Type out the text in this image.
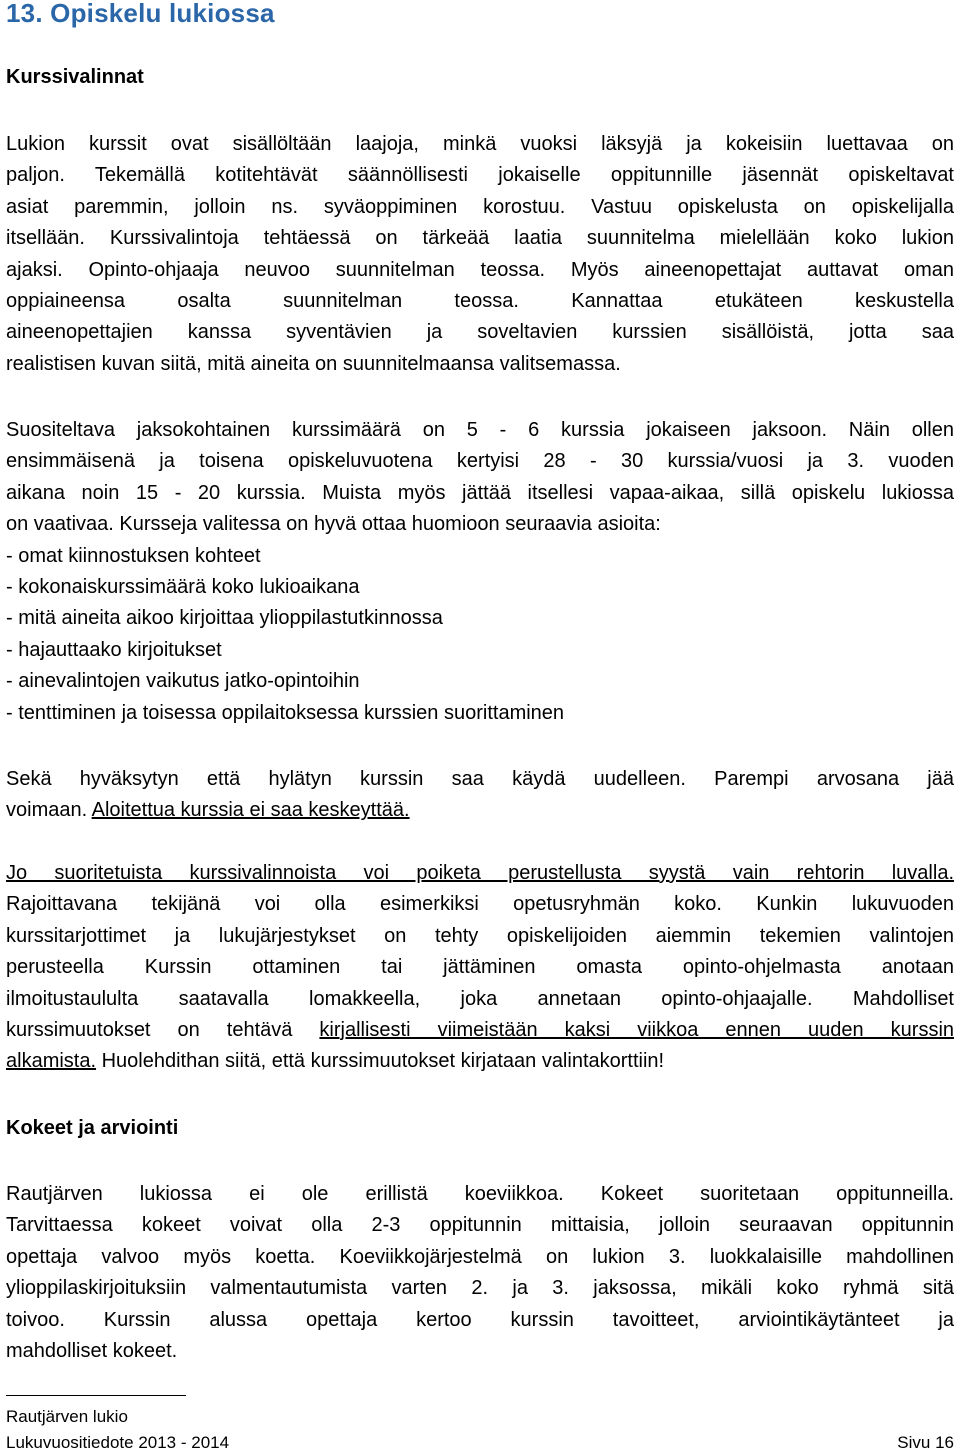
13. Opiskelu lukiossa
Kurssivalinnat
Lukion kurssit ovat sisällöltään laajoja, minkä vuoksi läksyjä ja kokeisiin luettavaa on
paljon. Tekemällä kotitehtävät säännöllisesti jokaiselle oppitunnille jäsennät opiskeltavat
asiat paremmin, jolloin ns. syväoppiminen korostuu. Vastuu opiskelusta on opiskelijalla
itsellään. Kurssivalintoja tehtäessä on tärkeää laatia suunnitelma mielellään koko lukion
ajaksi. Opinto-ohjaaja neuvoo suunnitelman teossa. Myös aineenopettajat auttavat oman
oppiaineensa osalta suunnitelman teossa. Kannattaa etukäteen keskustella
aineenopettajien kanssa syventävien ja soveltavien kurssien sisällöistä, jotta saa
realistisen kuvan siitä, mitä aineita on suunnitelmaansa valitsemassa.
Suositeltava jaksokohtainen kurssimäärä on 5 - 6 kurssia jokaiseen jaksoon. Näin ollen
ensimmäisenä ja toisena opiskeluvuotena kertyisi 28 - 30 kurssia/vuosi ja 3. vuoden
aikana noin 15 - 20 kurssia. Muista myös jättää itsellesi vapaa-aikaa, sillä opiskelu lukiossa
on vaativaa. Kursseja valitessa on hyvä ottaa huomioon seuraavia asioita:
- omat kiinnostuksen kohteet
- kokonaiskurssimäärä koko lukioaikana
- mitä aineita aikoo kirjoittaa ylioppilastutkinnossa
- hajauttaako kirjoitukset
- ainevalintojen vaikutus jatko-opintoihin
- tenttiminen ja toisessa oppilaitoksessa kurssien suorittaminen
Sekä hyväksytyn että hylätyn kurssin saa käydä uudelleen. Parempi arvosana jää
voimaan. Aloitettua kurssia ei saa keskeyttää.
Jo suoritetuista kurssivalinnoista voi poiketa perustellusta syystä vain rehtorin luvalla.
Rajoittavana tekijänä voi olla esimerkiksi opetusryhmän koko. Kunkin lukuvuoden
kurssitarjottimet ja lukujärjestykset on tehty opiskelijoiden aiemmin tekemien valintojen
perusteella Kurssin ottaminen tai jättäminen omasta opinto-ohjelmasta anotaan
ilmoitustaululta saatavalla lomakkeella, joka annetaan opinto-ohjaajalle. Mahdolliset
kurssimuutokset on tehtävä kirjallisesti viimeistään kaksi viikkoa ennen uuden kurssin
alkamista. Huolehdithan siitä, että kurssimuutokset kirjataan valintakorttiin!
Kokeet ja arviointi
Rautjärven lukiossa ei ole erillistä koeviikkoa. Kokeet suoritetaan oppitunneilla.
Tarvittaessa kokeet voivat olla 2-3 oppitunnin mittaisia, jolloin seuraavan oppitunnin
opettaja valvoo myös koetta. Koeviikkojärjestelmä on lukion 3. luokkalaisille mahdollinen
ylioppilaskirjoituksiin valmentautumista varten 2. ja 3. jaksossa, mikäli koko ryhmä sitä
toivoo. Kurssin alussa opettaja kertoo kurssin tavoitteet, arviointikäytänteet ja
mahdolliset kokeet.
Rautjärven lukio
Lukuvuositiedote 2013 - 2014	Sivu 16
